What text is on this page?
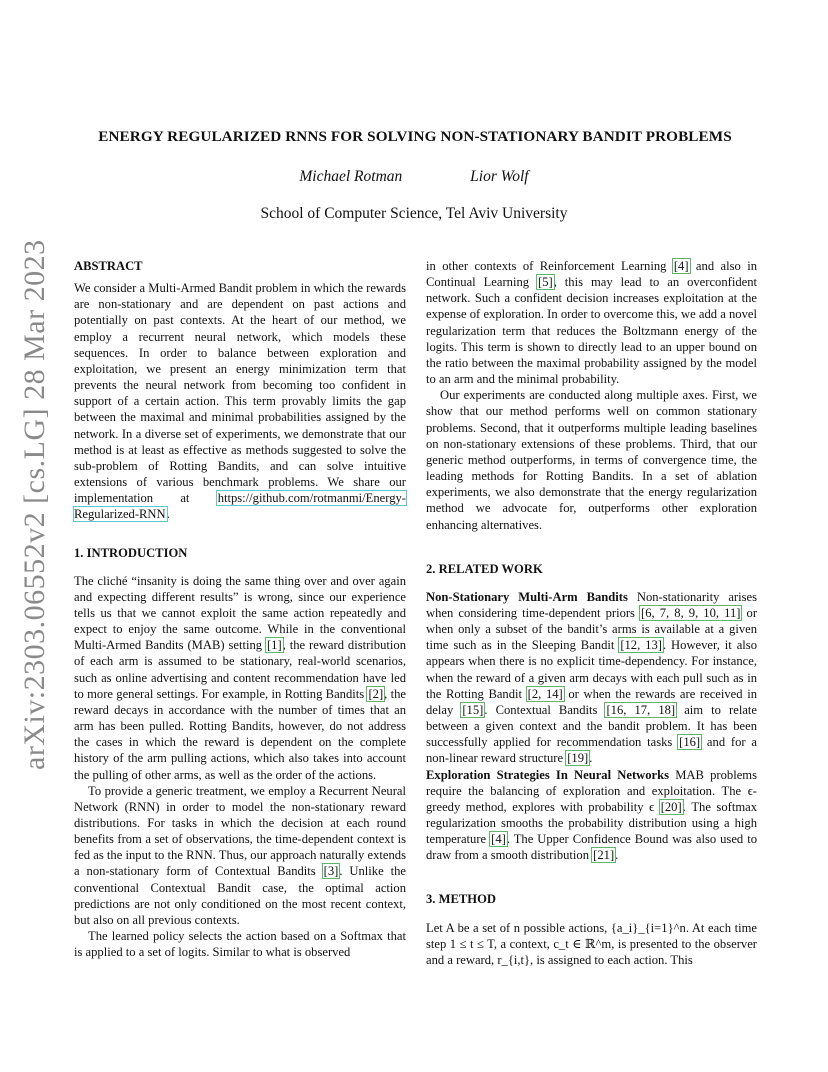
arXiv:2303.06552v2 [cs.LG] 28 Mar 2023
ENERGY REGULARIZED RNNS FOR SOLVING NON-STATIONARY BANDIT PROBLEMS
Michael Rotman	Lior Wolf
School of Computer Science, Tel Aviv University

ABSTRACT

We consider a Multi-Armed Bandit problem in which the rewards are non-stationary and are dependent on past actions and potentially on past contexts. At the heart of our method, we employ a recurrent neural network, which models these sequences. In order to balance between exploration and exploitation, we present an energy minimization term that prevents the neural network from becoming too confident in support of a certain action. This term provably limits the gap between the maximal and minimal probabilities assigned by the network. In a diverse set of experiments, we demonstrate that our method is at least as effective as methods suggested to solve the sub-problem of Rotting Bandits, and can solve intuitive extensions of various benchmark problems. We share our implementation at https://github.com/rotmanmi/Energy-Regularized-RNN.

1. INTRODUCTION

The cliché “insanity is doing the same thing over and over again and expecting different results” is wrong, since our experience tells us that we cannot exploit the same action repeatedly and expect to enjoy the same outcome. While in the conventional Multi-Armed Bandits (MAB) setting [1], the reward distribution of each arm is assumed to be stationary, real-world scenarios, such as online advertising and content recommendation have led to more general settings. For example, in Rotting Bandits [2], the reward decays in accordance with the number of times that an arm has been pulled. Rotting Bandits, however, do not address the cases in which the reward is dependent on the complete history of the arm pulling actions, which also takes into account the pulling of other arms, as well as the order of the actions.

To provide a generic treatment, we employ a Recurrent Neural Network (RNN) in order to model the non-stationary reward distributions. For tasks in which the decision at each round benefits from a set of observations, the time-dependent context is fed as the input to the RNN. Thus, our approach naturally extends a non-stationary form of Contextual Bandits [3]. Unlike the conventional Contextual Bandit case, the optimal action predictions are not only conditioned on the most recent context, but also on all previous contexts.

The learned policy selects the action based on a Softmax that is applied to a set of logits. Similar to what is observed

in other contexts of Reinforcement Learning [4] and also in Continual Learning [5], this may lead to an overconfident network. Such a confident decision increases exploitation at the expense of exploration. In order to overcome this, we add a novel regularization term that reduces the Boltzmann energy of the logits. This term is shown to directly lead to an upper bound on the ratio between the maximal probability assigned by the model to an arm and the minimal probability.

Our experiments are conducted along multiple axes. First, we show that our method performs well on common stationary problems. Second, that it outperforms multiple leading baselines on non-stationary extensions of these problems. Third, that our generic method outperforms, in terms of convergence time, the leading methods for Rotting Bandits. In a set of ablation experiments, we also demonstrate that the energy regularization method we advocate for, outperforms other exploration enhancing alternatives.

2. RELATED WORK

Non-Stationary Multi-Arm Bandits Non-stationarity arises when considering time-dependent priors [6, 7, 8, 9, 10, 11] or when only a subset of the bandit’s arms is available at a given time such as in the Sleeping Bandit [12, 13]. However, it also appears when there is no explicit time-dependency. For instance, when the reward of a given arm decays with each pull such as in the Rotting Bandit [2, 14] or when the rewards are received in delay [15]. Contextual Bandits [16, 17, 18] aim to relate between a given context and the bandit problem. It has been successfully applied for recommendation tasks [16] and for a non-linear reward structure [19].

Exploration Strategies In Neural Networks MAB problems require the balancing of exploration and exploitation. The ϵ-greedy method, explores with probability ϵ [20]. The softmax regularization smooths the probability distribution using a high temperature [4]. The Upper Confidence Bound was also used to draw from a smooth distribution [21].

3. METHOD

Let A be a set of n possible actions, {a_i}_{i=1}^n. At each time step 1 ≤ t ≤ T, a context, c_t ∈ ℝ^m, is presented to the observer and a reward, r_{i,t}, is assigned to each action. This
